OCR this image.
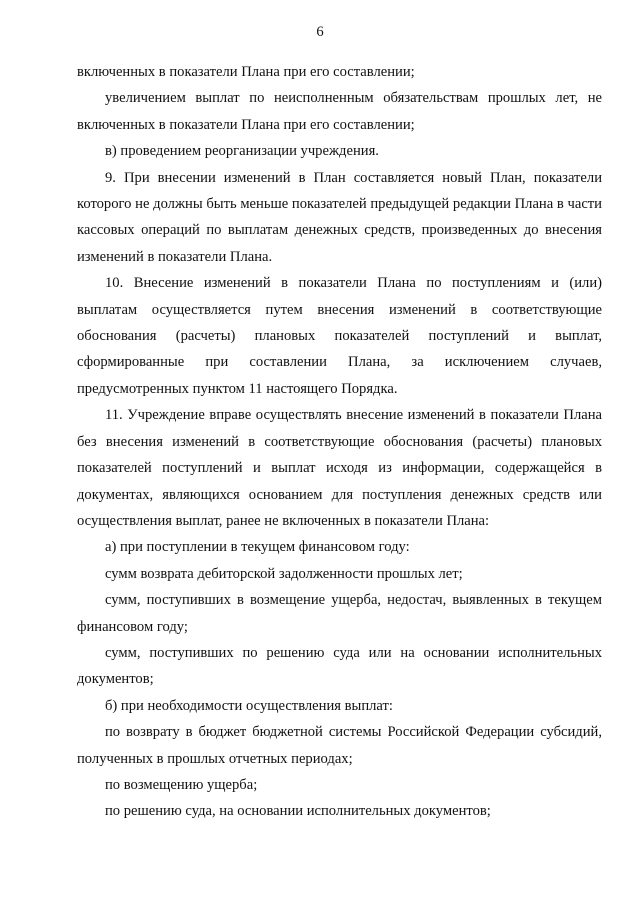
6

включенных в показатели Плана при его составлении;

увеличением выплат по неисполненным обязательствам прошлых лет, не включенных в показатели Плана при его составлении;

в) проведением реорганизации учреждения.

9. При внесении изменений в План составляется новый План, показатели которого не должны быть меньше показателей предыдущей редакции Плана в части кассовых операций по выплатам денежных средств, произведенных до внесения изменений в показатели Плана.

10. Внесение изменений в показатели Плана по поступлениям и (или) выплатам осуществляется путем внесения изменений в соответствующие обоснования (расчеты) плановых показателей поступлений и выплат, сформированные при составлении Плана, за исключением случаев, предусмотренных пунктом 11 настоящего Порядка.

11. Учреждение вправе осуществлять внесение изменений в показатели Плана без внесения изменений в соответствующие обоснования (расчеты) плановых показателей поступлений и выплат исходя из информации, содержащейся в документах, являющихся основанием для поступления денежных средств или осуществления выплат, ранее не включенных в показатели Плана:

а) при поступлении в текущем финансовом году:

сумм возврата дебиторской задолженности прошлых лет;

сумм, поступивших в возмещение ущерба, недостач, выявленных в текущем финансовом году;

сумм, поступивших по решению суда или на основании исполнительных документов;

б) при необходимости осуществления выплат:

по возврату в бюджет бюджетной системы Российской Федерации субсидий, полученных в прошлых отчетных периодах;

по возмещению ущерба;

по решению суда, на основании исполнительных документов;
